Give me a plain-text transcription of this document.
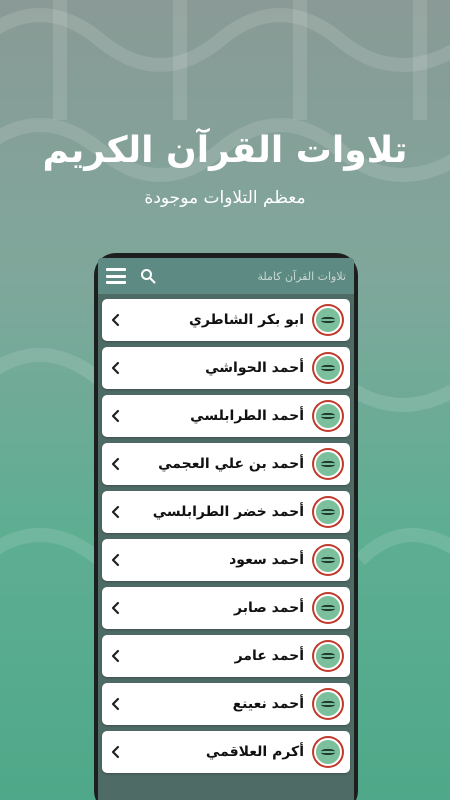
تلاوات القرآن الكريم
معظم التلاوات موجودة
تلاوات القرآن كاملة
ابو بكر الشاطري
أحمد الحواشي
أحمد الطرابلسي
أحمد بن علي العجمي
أحمد خضر الطرابلسي
أحمد سعود
أحمد صابر
أحمد عامر
أحمد نعينع
أكرم العلاقمي
